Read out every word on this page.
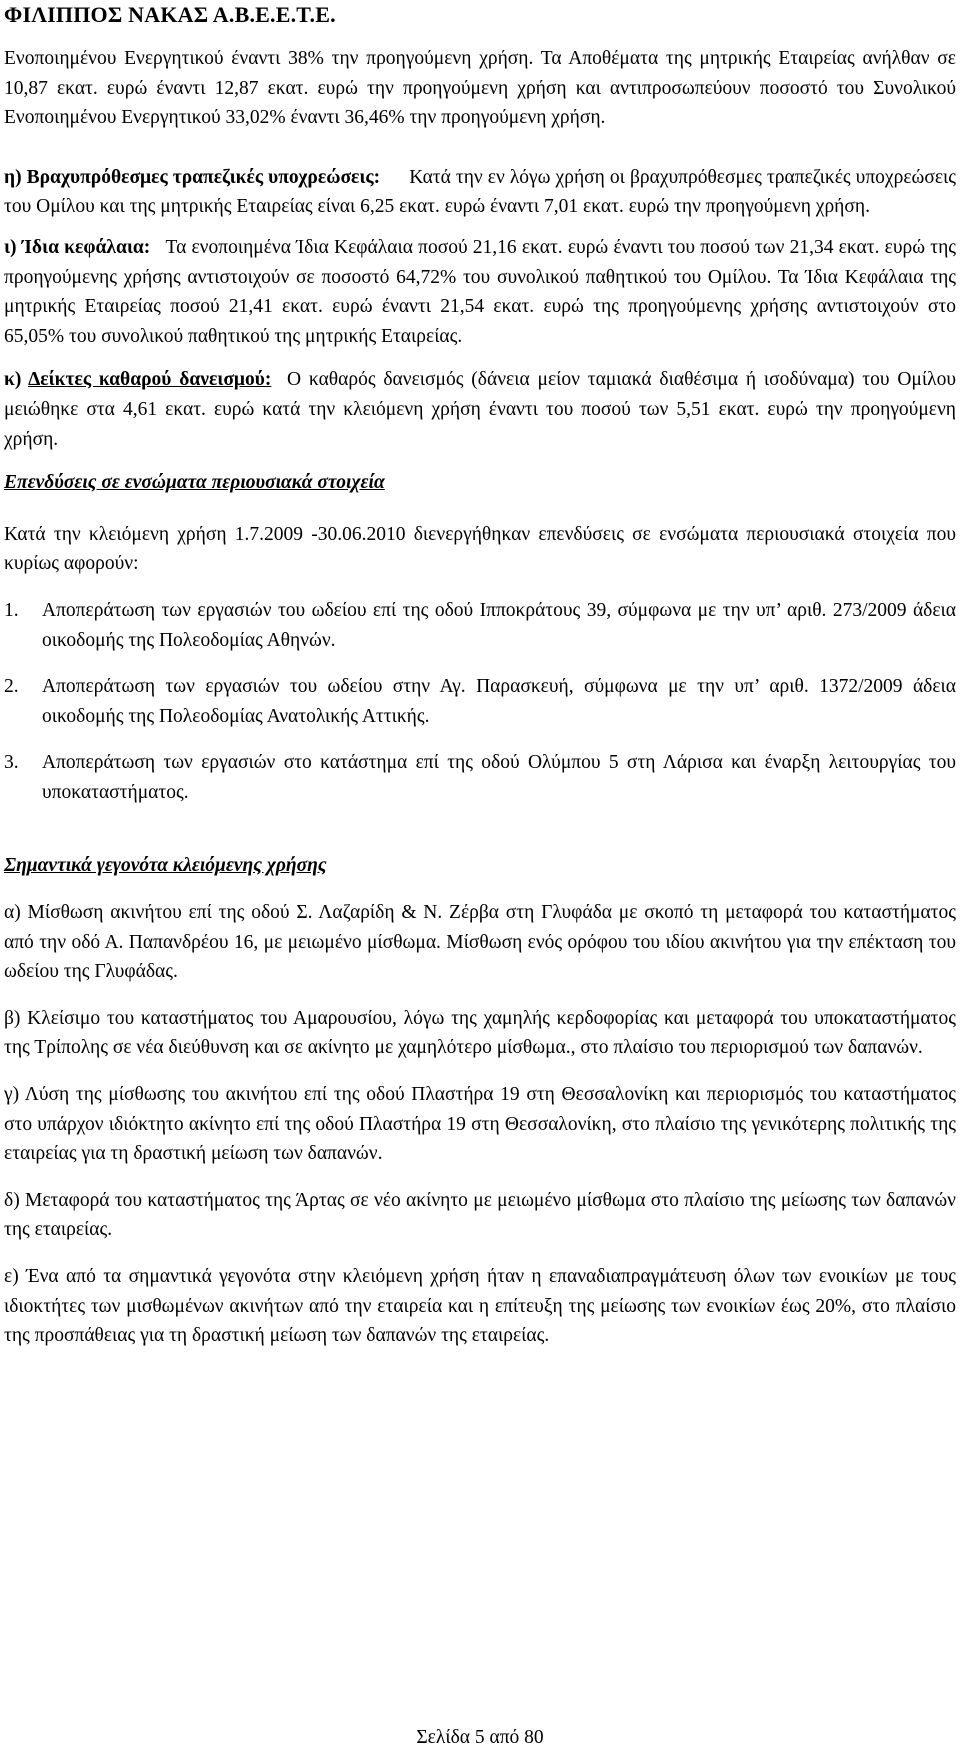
ΦΙΛΙΠΠΟΣ ΝΑΚΑΣ Α.Β.Ε.Ε.Τ.Ε.

Ενοποιημένου Ενεργητικού έναντι 38% την προηγούμενη χρήση. Τα Αποθέματα της μητρικής Εταιρείας ανήλθαν σε 10,87 εκατ. ευρώ έναντι 12,87 εκατ. ευρώ την προηγούμενη χρήση και αντιπροσωπεύουν ποσοστό του Συνολικού Ενοποιημένου Ενεργητικού 33,02% έναντι 36,46% την προηγούμενη χρήση.

η) Βραχυπρόθεσμες τραπεζικές υποχρεώσεις: Κατά την εν λόγω χρήση οι βραχυπρόθεσμες τραπεζικές υποχρεώσεις του Ομίλου και της μητρικής Εταιρείας είναι 6,25 εκατ. ευρώ έναντι 7,01 εκατ. ευρώ την προηγούμενη χρήση.

ι) Ίδια κεφάλαια: Τα ενοποιημένα Ίδια Κεφάλαια ποσού 21,16 εκατ. ευρώ έναντι του ποσού των 21,34 εκατ. ευρώ της προηγούμενης χρήσης αντιστοιχούν σε ποσοστό 64,72% του συνολικού παθητικού του Ομίλου. Τα Ίδια Κεφάλαια της μητρικής Εταιρείας ποσού 21,41 εκατ. ευρώ έναντι 21,54 εκατ. ευρώ της προηγούμενης χρήσης αντιστοιχούν στο 65,05% του συνολικού παθητικού της μητρικής Εταιρείας.

κ) Δείκτες καθαρού δανεισμού: Ο καθαρός δανεισμός (δάνεια μείον ταμιακά διαθέσιμα ή ισοδύναμα) του Ομίλου μειώθηκε στα 4,61 εκατ. ευρώ κατά την κλειόμενη χρήση έναντι του ποσού των 5,51 εκατ. ευρώ την προηγούμενη χρήση.

Επενδύσεις σε ενσώματα περιουσιακά στοιχεία

Κατά την κλειόμενη χρήση 1.7.2009 -30.06.2010 διενεργήθηκαν επενδύσεις σε ενσώματα περιουσιακά στοιχεία που κυρίως αφορούν:

1.	Αποπεράτωση των εργασιών του ωδείου επί της οδού Ιπποκράτους 39, σύμφωνα με την υπ’ αριθ. 273/2009 άδεια οικοδομής της Πολεοδομίας Αθηνών.
2.	Αποπεράτωση των εργασιών του ωδείου στην Αγ. Παρασκευή, σύμφωνα με την υπ’ αριθ. 1372/2009 άδεια οικοδομής της Πολεοδομίας Ανατολικής Αττικής.
3.	Αποπεράτωση των εργασιών στο κατάστημα επί της οδού Ολύμπου 5 στη Λάρισα και έναρξη λειτουργίας του υποκαταστήματος.

Σημαντικά γεγονότα κλειόμενης χρήσης

α) Μίσθωση ακινήτου επί της οδού Σ. Λαζαρίδη & Ν. Ζέρβα στη Γλυφάδα με σκοπό τη μεταφορά του καταστήματος από την οδό Α. Παπανδρέου 16, με μειωμένο μίσθωμα. Μίσθωση ενός ορόφου του ιδίου ακινήτου για την επέκταση του ωδείου της Γλυφάδας.

β) Κλείσιμο του καταστήματος του Αμαρουσίου, λόγω της χαμηλής κερδοφορίας και μεταφορά του υποκαταστήματος της Τρίπολης σε νέα διεύθυνση και σε ακίνητο με χαμηλότερο μίσθωμα., στο πλαίσιο του περιορισμού των δαπανών.

γ) Λύση της μίσθωσης του ακινήτου επί της οδού Πλαστήρα 19 στη Θεσσαλονίκη και περιορισμός του καταστήματος στο υπάρχον ιδιόκτητο ακίνητο επί της οδού Πλαστήρα 19 στη Θεσσαλονίκη, στο πλαίσιο της γενικότερης πολιτικής της εταιρείας για τη δραστική μείωση των δαπανών.

δ) Μεταφορά του καταστήματος της Άρτας σε νέο ακίνητο με μειωμένο μίσθωμα στο πλαίσιο της μείωσης των δαπανών της εταιρείας.

ε) Ένα από τα σημαντικά γεγονότα στην κλειόμενη χρήση ήταν η επαναδιαπραγμάτευση όλων των ενοικίων με τους ιδιοκτήτες των μισθωμένων ακινήτων από την εταιρεία και η επίτευξη της μείωσης των ενοικίων έως 20%, στο πλαίσιο της προσπάθειας για τη δραστική μείωση των δαπανών της εταιρείας.

Σελίδα 5 από 80
